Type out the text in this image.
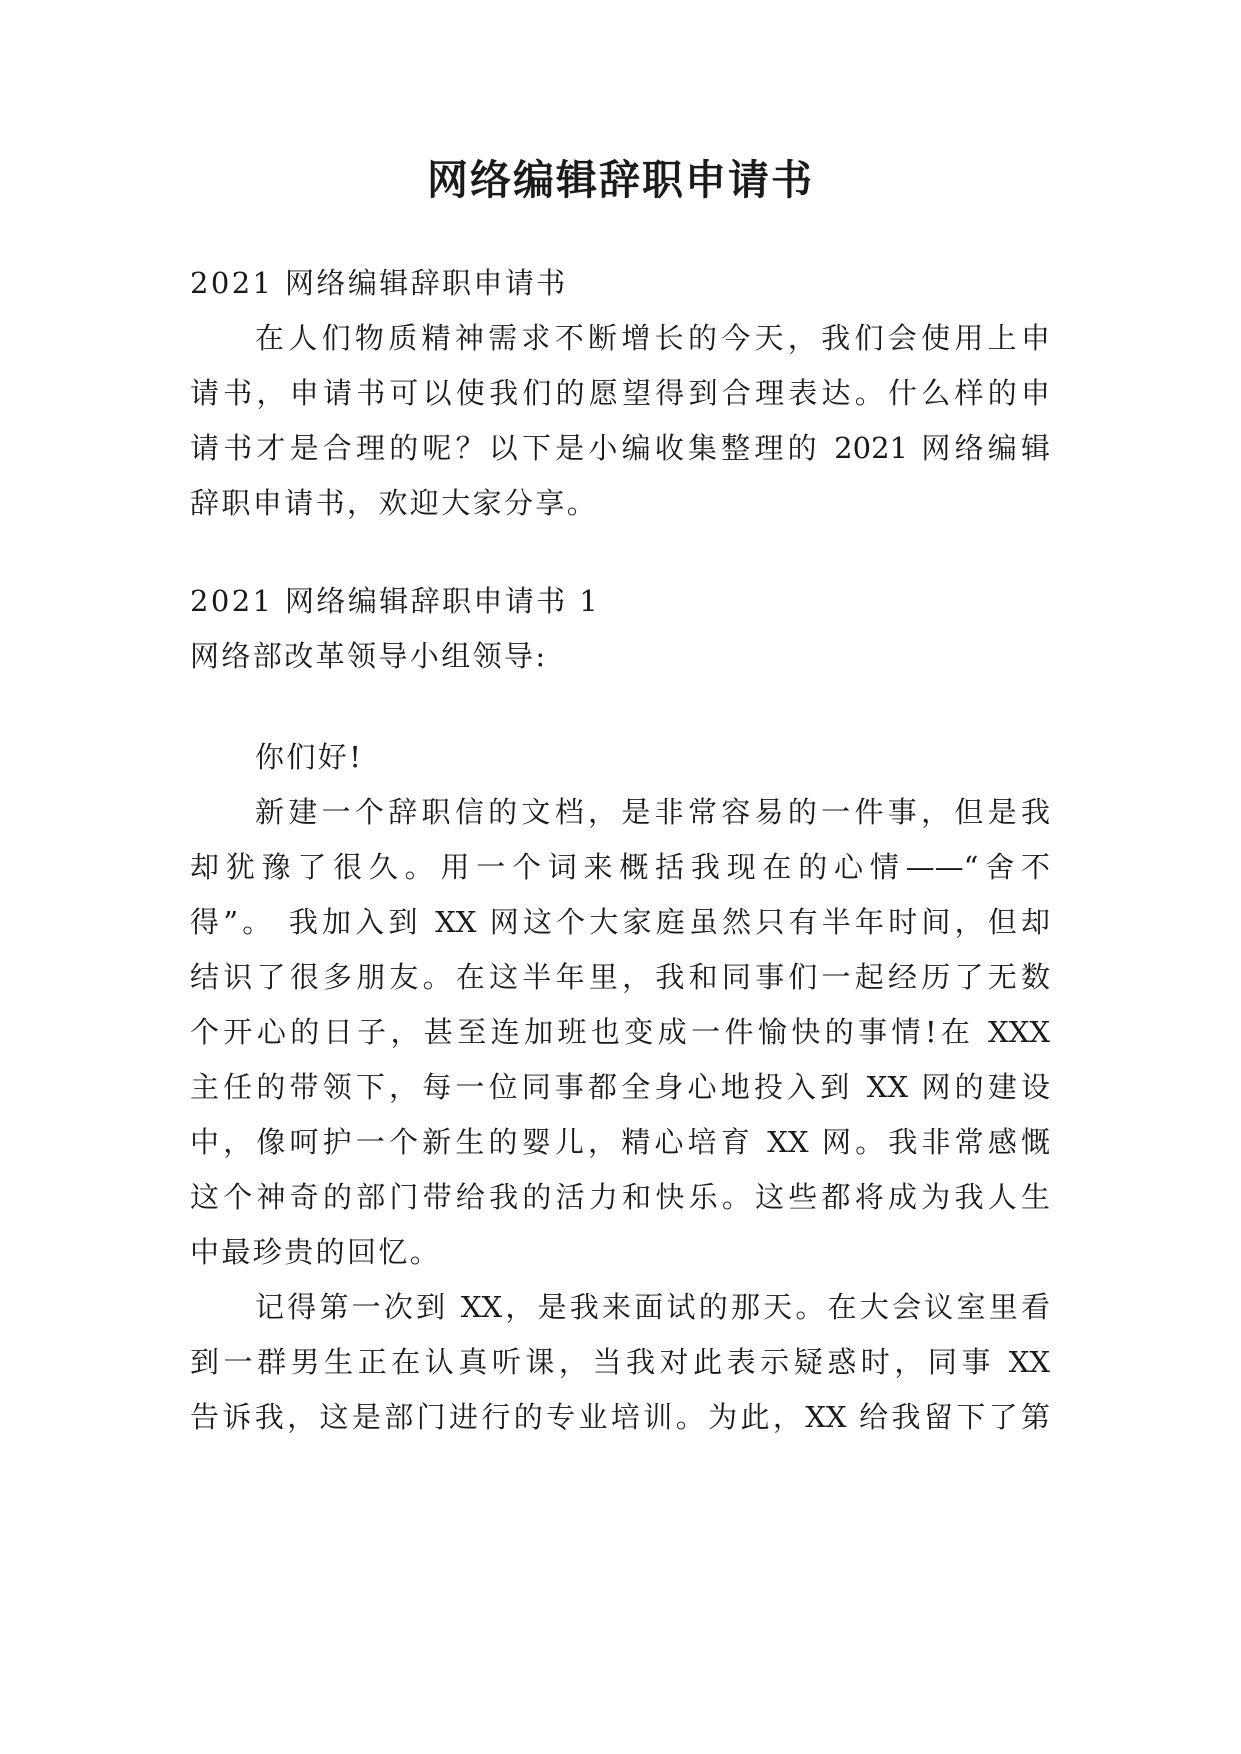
网络编辑辞职申请书
2021 网络编辑辞职申请书
在人们物质精神需求不断增长的今天，我们会使用上申
请书，申请书可以使我们的愿望得到合理表达。什么样的申
请书才是合理的呢？以下是小编收集整理的 2021 网络编辑
辞职申请书，欢迎大家分享。
2021 网络编辑辞职申请书 1
网络部改革领导小组领导:
你们好!
新建一个辞职信的文档，是非常容易的一件事，但是我
却犹豫了很久。用一个词来概括我现在的心情——“舍不
得”。 我加入到 XX 网这个大家庭虽然只有半年时间，但却
结识了很多朋友。在这半年里，我和同事们一起经历了无数
个开心的日子，甚至连加班也变成一件愉快的事情!在 XXX
主任的带领下，每一位同事都全身心地投入到 XX 网的建设
中，像呵护一个新生的婴儿，精心培育 XX 网。我非常感慨
这个神奇的部门带给我的活力和快乐。这些都将成为我人生
中最珍贵的回忆。
记得第一次到 XX，是我来面试的那天。在大会议室里看
到一群男生正在认真听课，当我对此表示疑惑时，同事 XX
告诉我，这是部门进行的专业培训。为此，XX 给我留下了第
